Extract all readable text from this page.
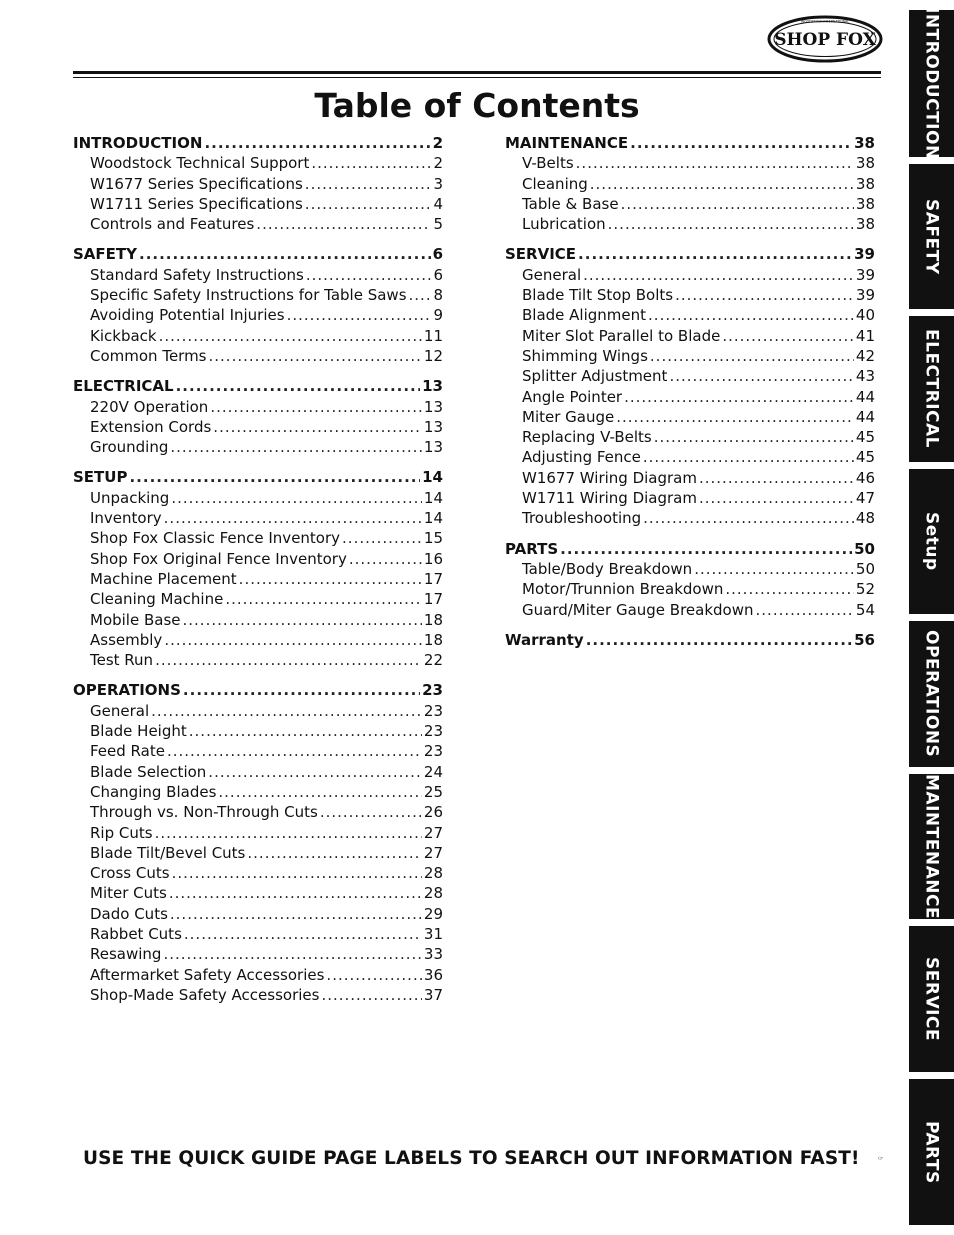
SHOP FOX
WOODSTOCK INTERNATIONAL
Table of Contents
INTRODUCTION .....	2
Woodstock Technical Support .....	2
W1677 Series Specifications .....	3
W1711 Series Specifications .....	4
Controls and Features .....	5
SAFETY .....	6
Standard Safety Instructions .....	6
Specific Safety Instructions for Table Saws ..... 8
Avoiding Potential Injuries .....	9
Kickback .....	11
Common Terms .....	12
ELECTRICAL .....	13
220V Operation .....	13
Extension Cords .....	13
Grounding .....	13
SETUP .....	14
Unpacking .....	14
Inventory .....	14
Shop Fox Classic Fence Inventory .....	15
Shop Fox Original Fence Inventory .....	16
Machine Placement .....	17
Cleaning Machine .....	17
Mobile Base .....	18
Assembly .....	18
Test Run .....	22
OPERATIONS .....	23
General .....	23
Blade Height .....	23
Feed Rate .....	23
Blade Selection .....	24
Changing Blades .....	25
Through vs. Non-Through Cuts .....	26
Rip Cuts .....	27
Blade Tilt/Bevel Cuts .....	27
Cross Cuts .....	28
Miter Cuts .....	28
Dado Cuts .....	29
Rabbet Cuts .....	31
Resawing .....	33
Aftermarket Safety Accessories .....	36
Shop-Made Safety Accessories .....	37
MAINTENANCE .....	38
V-Belts .....	38
Cleaning .....	38
Table & Base .....	38
Lubrication .....	38
SERVICE .....	39
General .....	39
Blade Tilt Stop Bolts .....	39
Blade Alignment .....	40
Miter Slot Parallel to Blade .....	41
Shimming Wings .....	42
Splitter Adjustment .....	43
Angle Pointer .....	44
Miter Gauge .....	44
Replacing V-Belts .....	45
Adjusting Fence .....	45
W1677 Wiring Diagram .....	46
W1711 Wiring Diagram .....	47
Troubleshooting .....	48
PARTS .....	50
Table/Body Breakdown .....	50
Motor/Trunnion Breakdown .....	52
Guard/Miter Gauge Breakdown .....	54
Warranty .....	56
INTRODUCTION
SAFETY
ELECTRICAL
Setup
OPERATIONS
MAINTENANCE
SERVICE
PARTS
USE THE QUICK GUIDE PAGE LABELS TO SEARCH OUT INFORMATION FAST!
